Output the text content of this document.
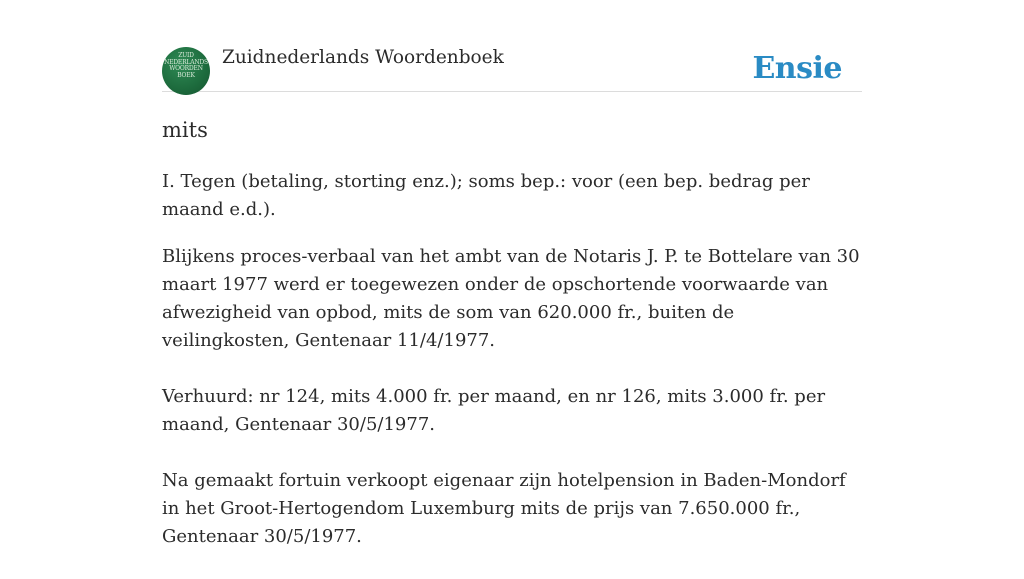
ZUID
NEDERLANDS
WOORDEN
BOEK
Zuidnederlands Woordenboek	Ensie
mits

I. Tegen (betaling, storting enz.); soms bep.: voor (een bep. bedrag per maand e.d.).

Blijkens proces-verbaal van het ambt van de Notaris J. P. te Bottelare van 30 maart 1977 werd er toegewezen onder de opschortende voorwaarde van afwezigheid van opbod, mits de som van 620.000 fr., buiten de veilingkosten, Gentenaar 11/4/1977.

Verhuurd: nr 124, mits 4.000 fr. per maand, en nr 126, mits 3.000 fr. per maand, Gentenaar 30/5/1977.

Na gemaakt fortuin verkoopt eigenaar zijn hotelpension in Baden-Mondorf in het Groot-Hertogendom Luxemburg mits de prijs van 7.650.000 fr., Gentenaar 30/5/1977.
